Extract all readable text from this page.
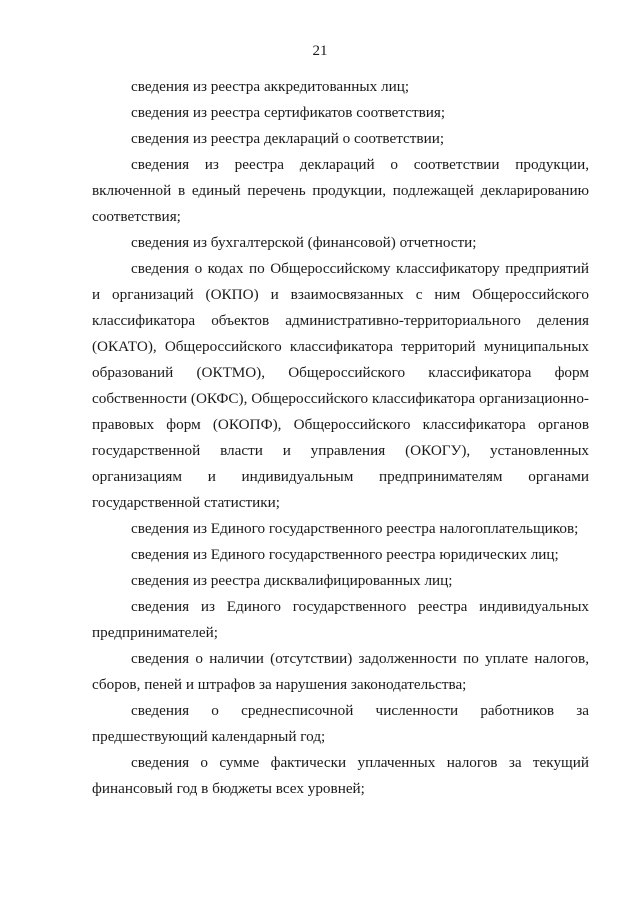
21

сведения из реестра аккредитованных лиц;

сведения из реестра сертификатов соответствия;

сведения из реестра деклараций о соответствии;

сведения из реестра деклараций о соответствии продукции,
включенной в единый перечень продукции, подлежащей декларированию
соответствия;

сведения из бухгалтерской (финансовой) отчетности;

сведения о кодах по Общероссийскому классификатору предприятий
и организаций (ОКПО) и взаимосвязанных с ним Общероссийского
классификатора объектов административно-территориального деления
(ОКАТО), Общероссийского классификатора территорий муниципальных
образований (ОКТМО), Общероссийского классификатора форм
собственности (ОКФС), Общероссийского классификатора организационно-
правовых форм (ОКОПФ), Общероссийского классификатора органов
государственной власти и управления (ОКОГУ), установленных
организациям и индивидуальным предпринимателям органами
государственной статистики;

сведения из Единого государственного реестра налогоплательщиков;

сведения из Единого государственного реестра юридических лиц;

сведения из реестра дисквалифицированных лиц;

сведения из Единого государственного реестра индивидуальных
предпринимателей;

сведения о наличии (отсутствии) задолженности по уплате налогов,
сборов, пеней и штрафов за нарушения законодательства;

сведения о среднесписочной численности работников за
предшествующий календарный год;

сведения о сумме фактически уплаченных налогов за текущий
финансовый год в бюджеты всех уровней;
